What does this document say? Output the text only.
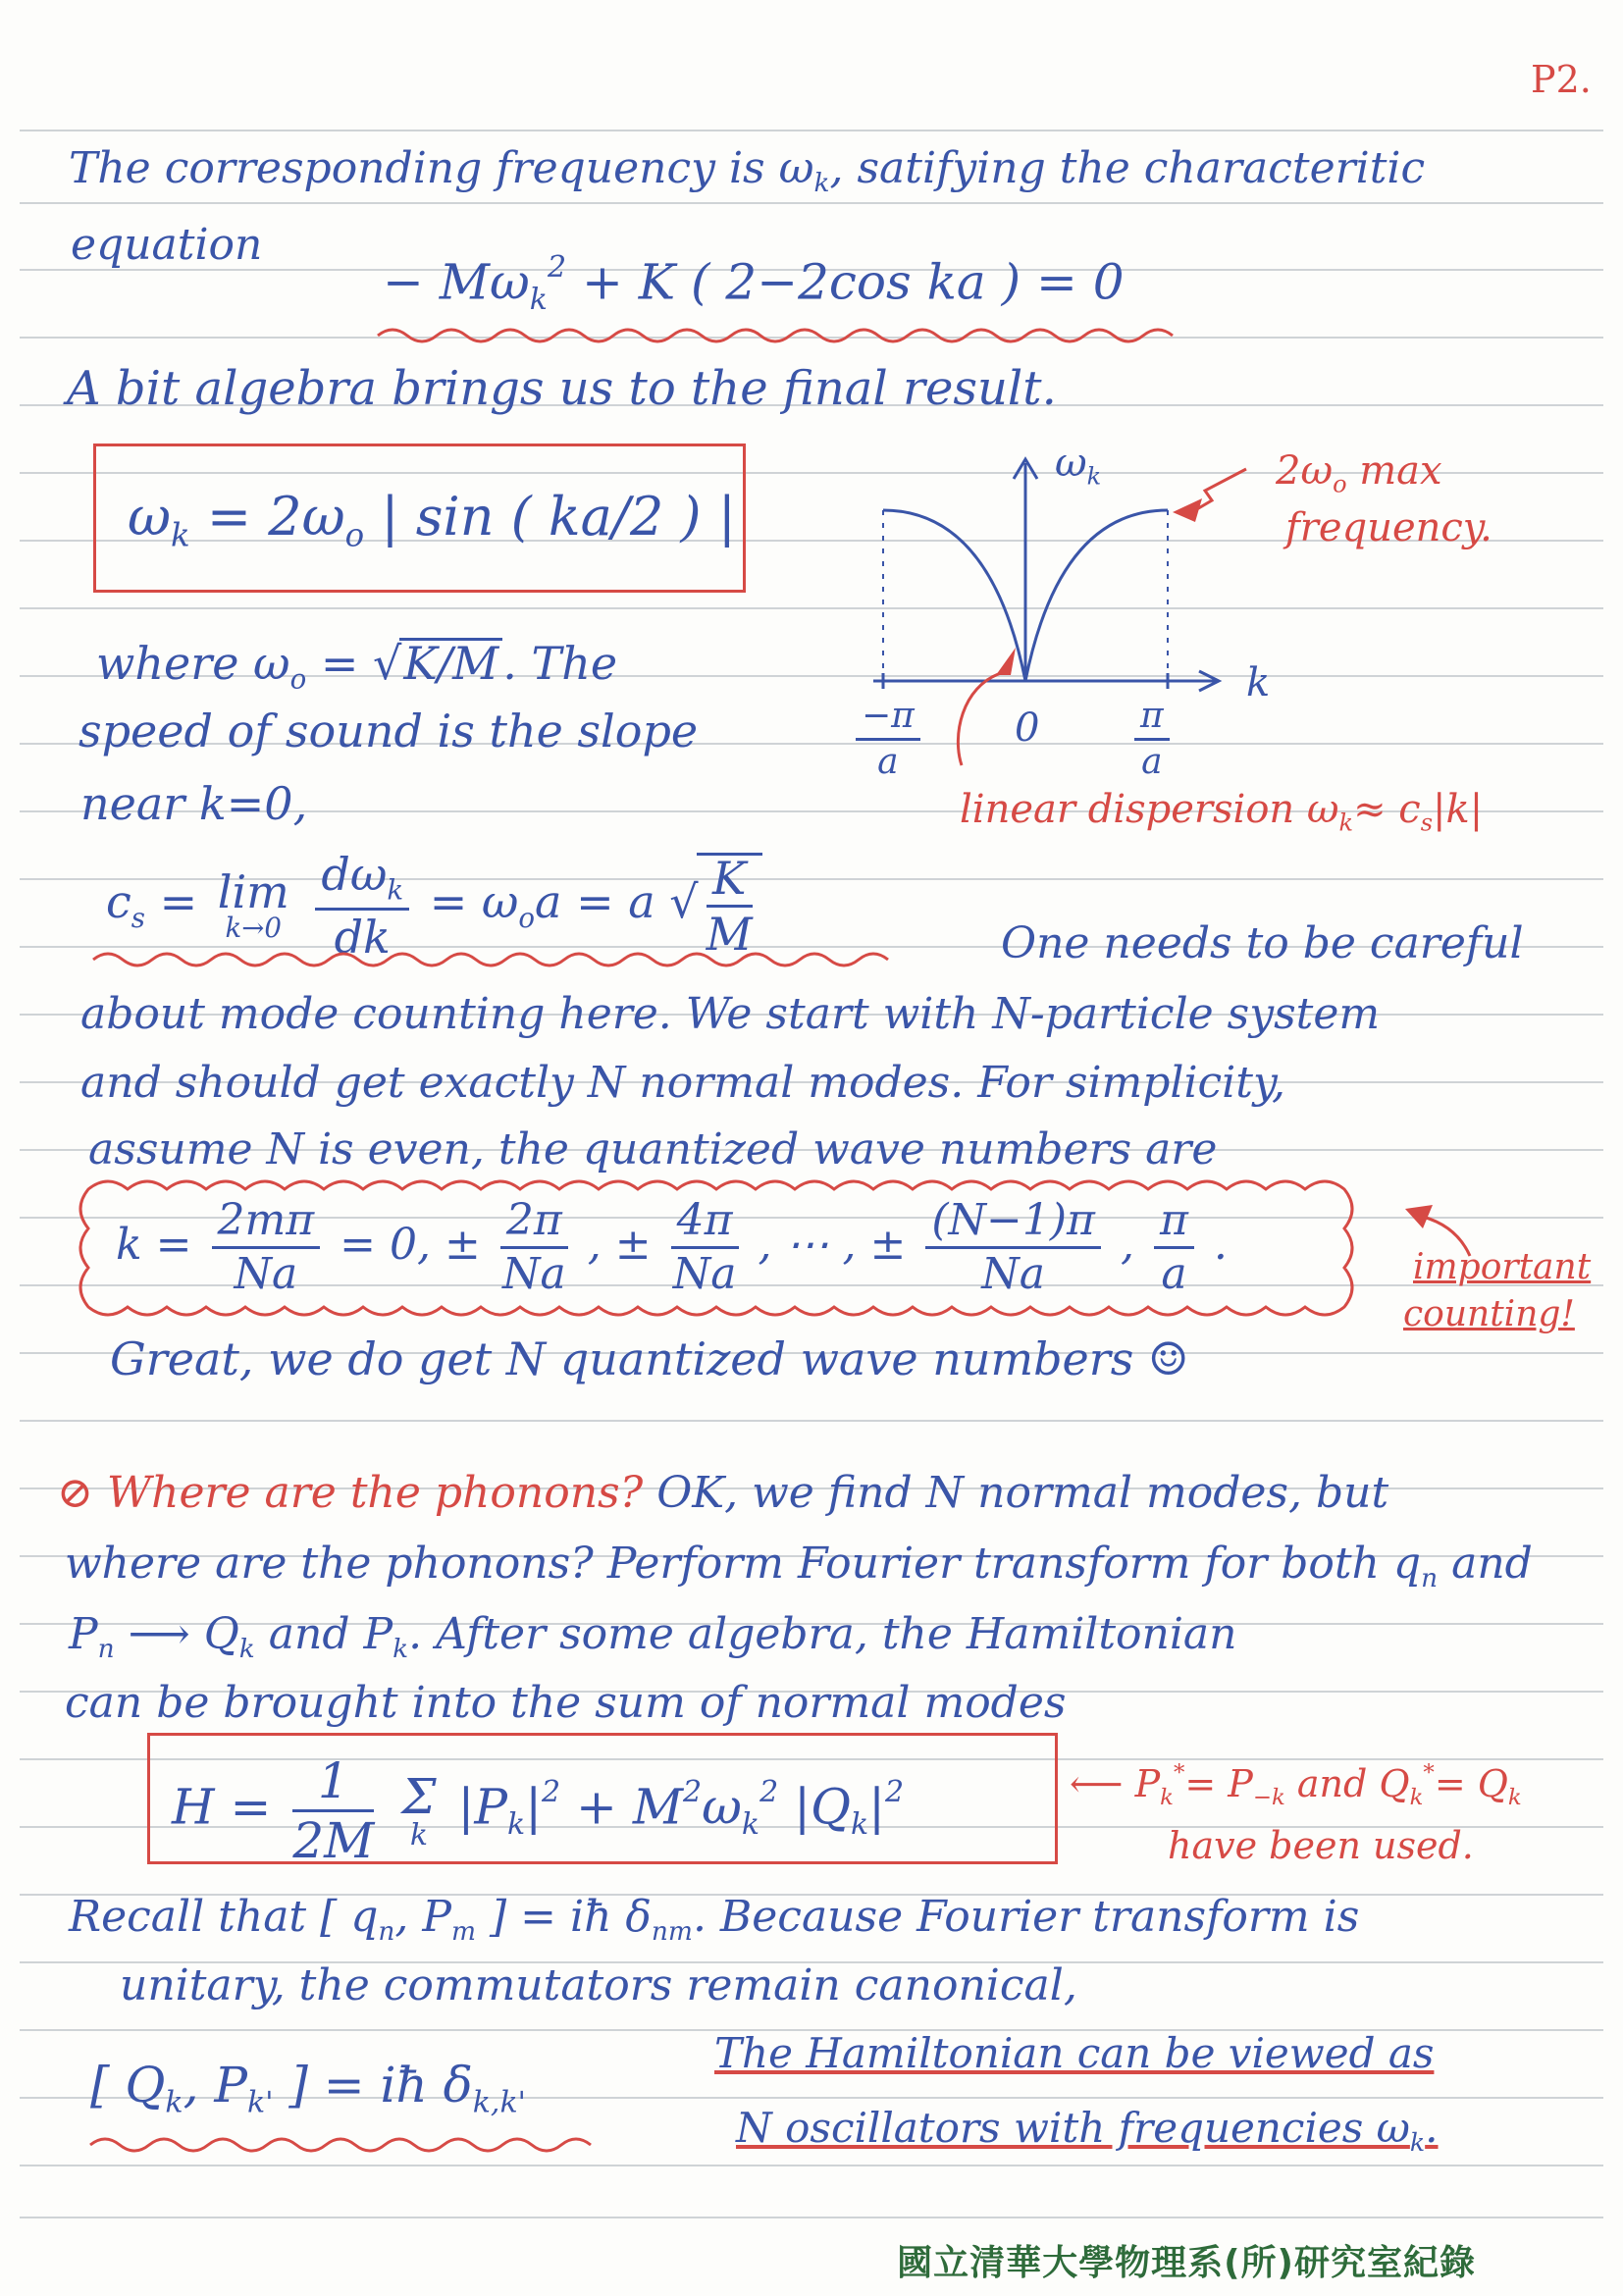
P2.
The corresponding frequency is $\omega_k$, satifying the characteritic
equation
− $M\omega_k^2 + K$ ( 2−2cos ka ) = 0
A bit algebra brings us to the final result.
$\omega_k = 2\omega_o$ | sin ( ka/2 ) |
$\omega_k$
k
$\frac{-\pi}{a} 0$	$\frac{\pi}{a}$
$2\omega_o$ max
frequency.
linear dispersion $\omega_k\approx c_s|k|$
where $\omega_o = √K/M$. The
speed of sound is the slope
near k=0,
$c_s = \lim$
k→0
$\frac{d\omega_k}{dk} = \omega_oa = a$ √ $\frac{K}{M}$	One needs to be careful
about mode counting here. We start with N-particle system
and should get exactly N normal modes. For simplicity,
assume N is even, the quantized wave numbers are
$k = \frac{2m\pi}{Na} = 0$, ± $\frac{2\pi}{Na}$ , ± $\frac{4\pi}{Na}$ , ⋯ , ± $\frac{(N-1)\pi}{Na}$ , $\frac{\pi}{a}$ .	important
counting!
Great, we do get N quantized wave numbers ☺
⊘ Where are the phonons? OK, we find N normal modes, but
where are the phonons? Perform Fourier transform for both $q_n$ and
$P_n$ ⟶ $Q_k$ and $P_k$. After some algebra, the Hamiltonian
can be brought into the sum of normal modes
$H = \frac{1}{2M}$
Σ
k $|P_k|^2 + M^2\omega_k^2$ $|Q_k|^2$	⟵ $P_k^*= P_{-k}$ and $Q_k^*= Q_k$
have been used.
Recall that [ $q_n$, $P_m$ ] = iħ $\delta_{nm}$. Because Fourier transform is
unitary, the commutators remain canonical,
[ $Q_k$, $P_{k'}$ ] = iħ $\delta_{k,k'}$
The Hamiltonian can be viewed as
N oscillators with frequencies $\omega_k$.
國立清華大學物理系(所)研究室紀錄
